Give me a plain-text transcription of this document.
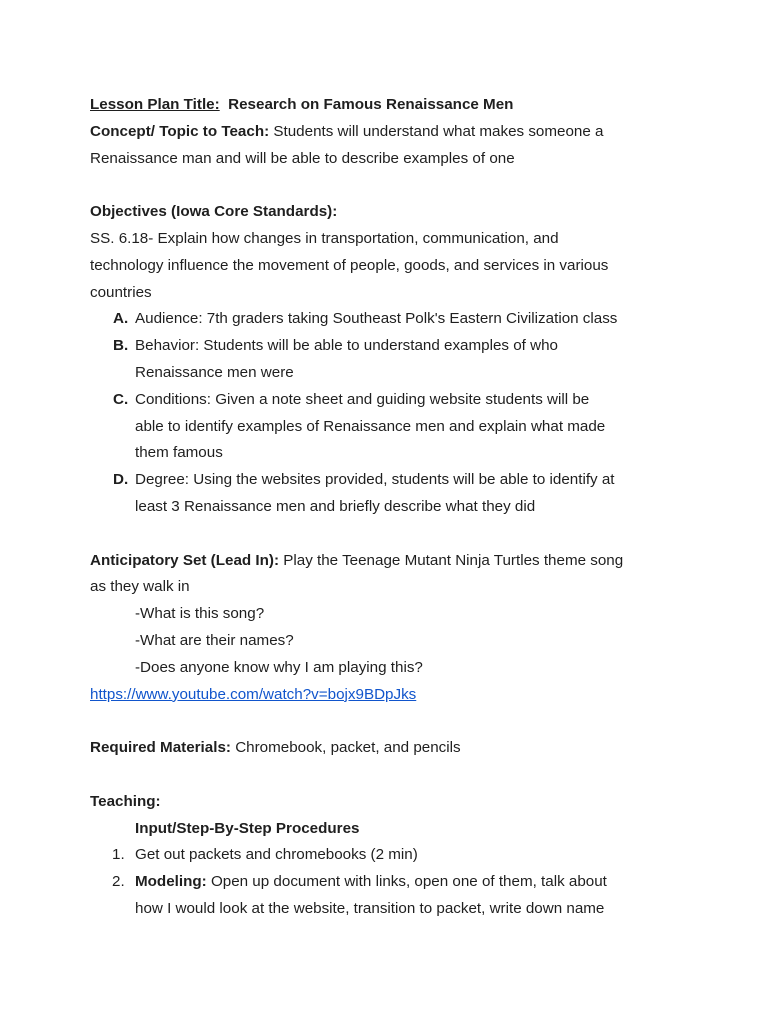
Lesson Plan Title: Research on Famous Renaissance Men
Concept/ Topic to Teach: Students will understand what makes someone a
Renaissance man and will be able to describe examples of one
Objectives (Iowa Core Standards):
SS. 6.18- Explain how changes in transportation, communication, and
technology influence the movement of people, goods, and services in various
countries
A. Audience: 7th graders taking Southeast Polk's Eastern Civilization class
B. Behavior: Students will be able to understand examples of who
Renaissance men were
C. Conditions: Given a note sheet and guiding website students will be
able to identify examples of Renaissance men and explain what made
them famous
D. Degree: Using the websites provided, students will be able to identify at
least 3 Renaissance men and briefly describe what they did
Anticipatory Set (Lead In): Play the Teenage Mutant Ninja Turtles theme song
as they walk in
-What is this song?
-What are their names?
-Does anyone know why I am playing this?
https://www.youtube.com/watch?v=bojx9BDpJks
Required Materials: Chromebook, packet, and pencils
Teaching:
Input/Step-By-Step Procedures
1. Get out packets and chromebooks (2 min)
2. Modeling: Open up document with links, open one of them, talk about
how I would look at the website, transition to packet, write down name
